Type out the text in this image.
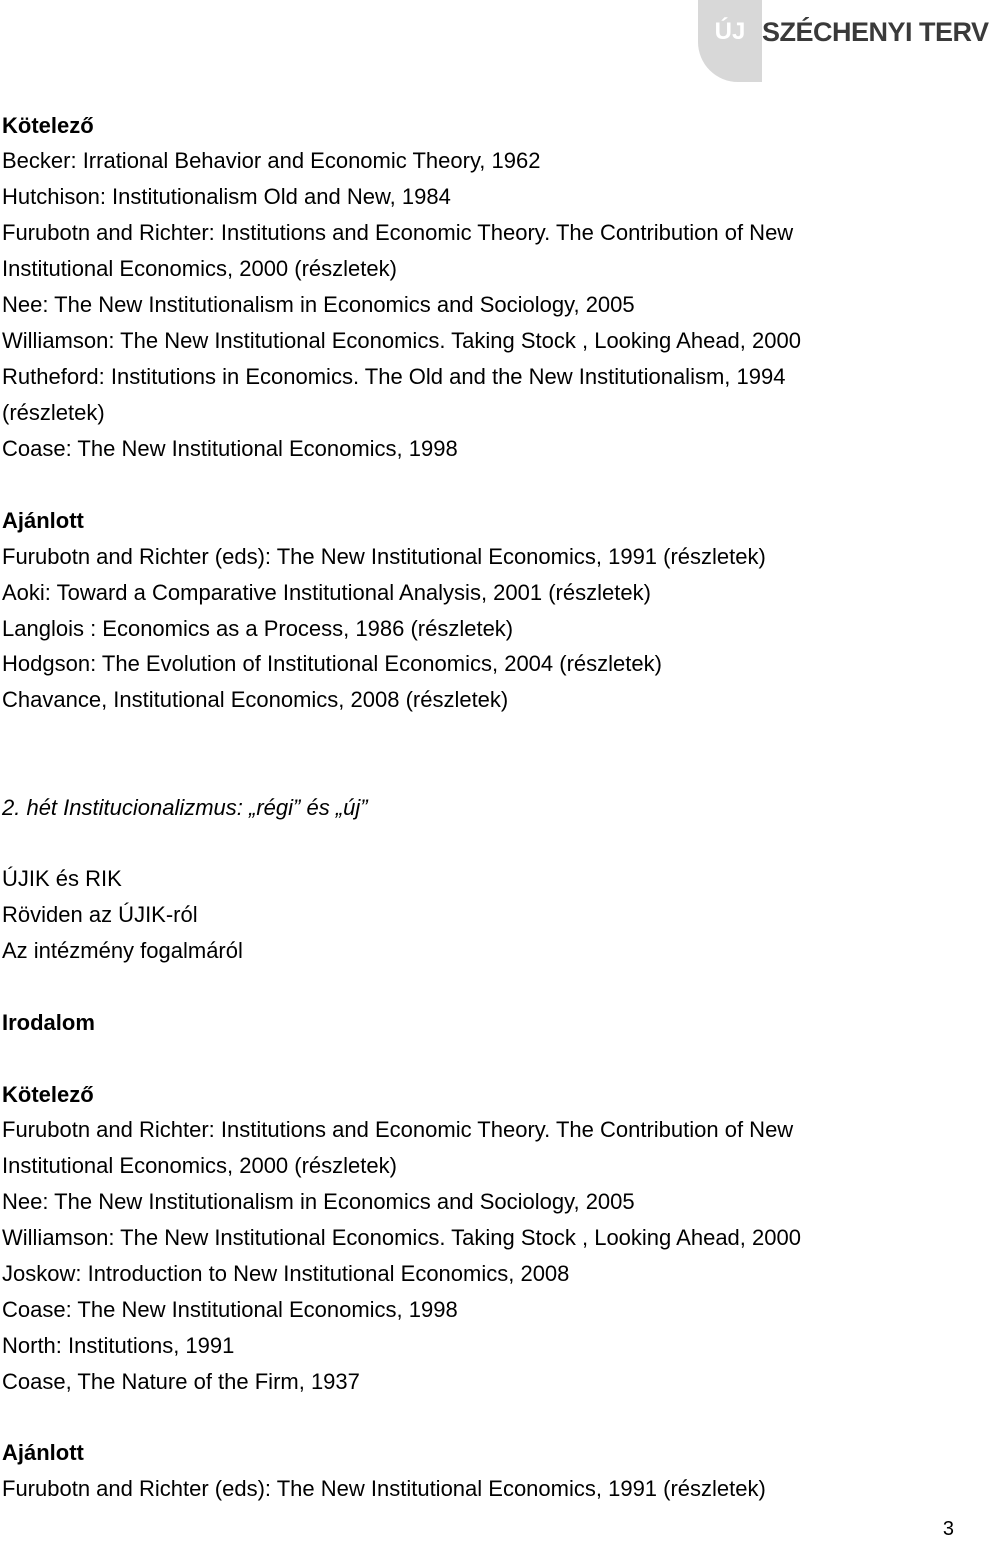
ÚJ SZÉCHENYI TERV
Kötelező
Becker: Irrational Behavior and Economic Theory, 1962
Hutchison: Institutionalism Old and New, 1984
Furubotn and Richter: Institutions and Economic Theory. The Contribution of New
Institutional Economics, 2000 (részletek)
Nee: The New Institutionalism in Economics and Sociology, 2005
Williamson: The New Institutional Economics. Taking Stock , Looking Ahead, 2000
Rutheford: Institutions in Economics. The Old and the New Institutionalism, 1994
(részletek)
Coase: The New Institutional Economics, 1998
Ajánlott
Furubotn and Richter (eds): The New Institutional Economics, 1991 (részletek)
Aoki: Toward a Comparative Institutional Analysis, 2001 (részletek)
Langlois : Economics as a Process, 1986 (részletek)
Hodgson: The Evolution of Institutional Economics, 2004 (részletek)
Chavance, Institutional Economics, 2008 (részletek)
2. hét Institucionalizmus: „régi” és „új”
ÚJIK és RIK
Röviden az ÚJIK-ról
Az intézmény fogalmáról
Irodalom
Kötelező
Furubotn and Richter: Institutions and Economic Theory. The Contribution of New
Institutional Economics, 2000 (részletek)
Nee: The New Institutionalism in Economics and Sociology, 2005
Williamson: The New Institutional Economics. Taking Stock , Looking Ahead, 2000
Joskow: Introduction to New Institutional Economics, 2008
Coase: The New Institutional Economics, 1998
North: Institutions, 1991
Coase, The Nature of the Firm, 1937
Ajánlott
Furubotn and Richter (eds): The New Institutional Economics, 1991 (részletek)
3
